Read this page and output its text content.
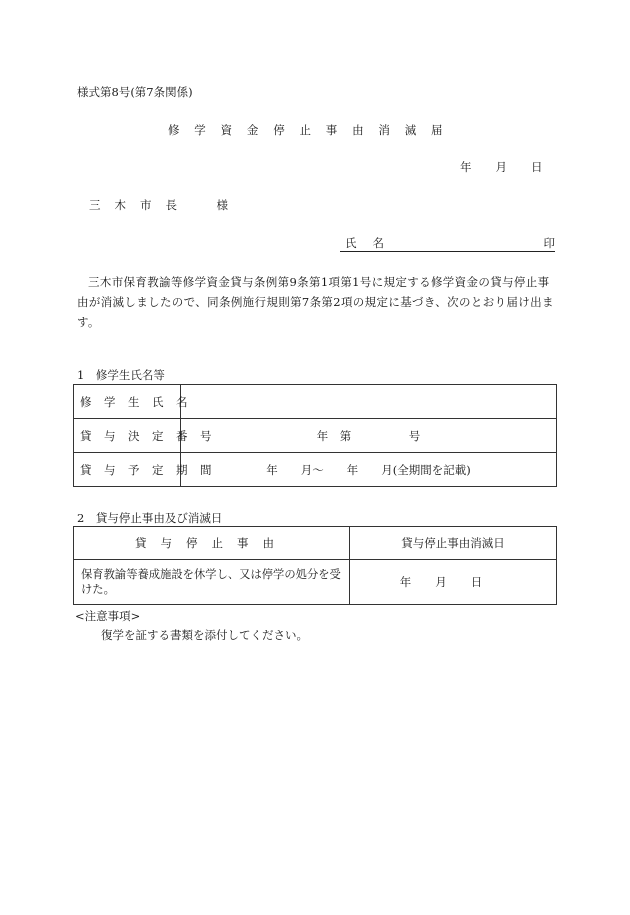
様式第8号(第7条関係)
修学資金停止事由消滅届
年月日
三木市長　様
氏名	印
三木市保育教諭等修学資金貸与条例第9条第1項第1号に規定する修学資金の貸与停止事由が消滅しましたので、同条例施行規則第7条第2項の規定に基づき、次のとおり届け出ます。
1　修学生氏名等
修学生氏名	
貸与決定番号	年　第　　　　　号
貸与予定期間	年　　月〜　　年　　月(全期間を記載)
2　貸与停止事由及び消滅日
貸与停止事由	貸与停止事由消滅日
保育教諭等養成施設を休学し、又は停学の処分を受けた。	年月日
<注意事項>
復学を証する書類を添付してください。
